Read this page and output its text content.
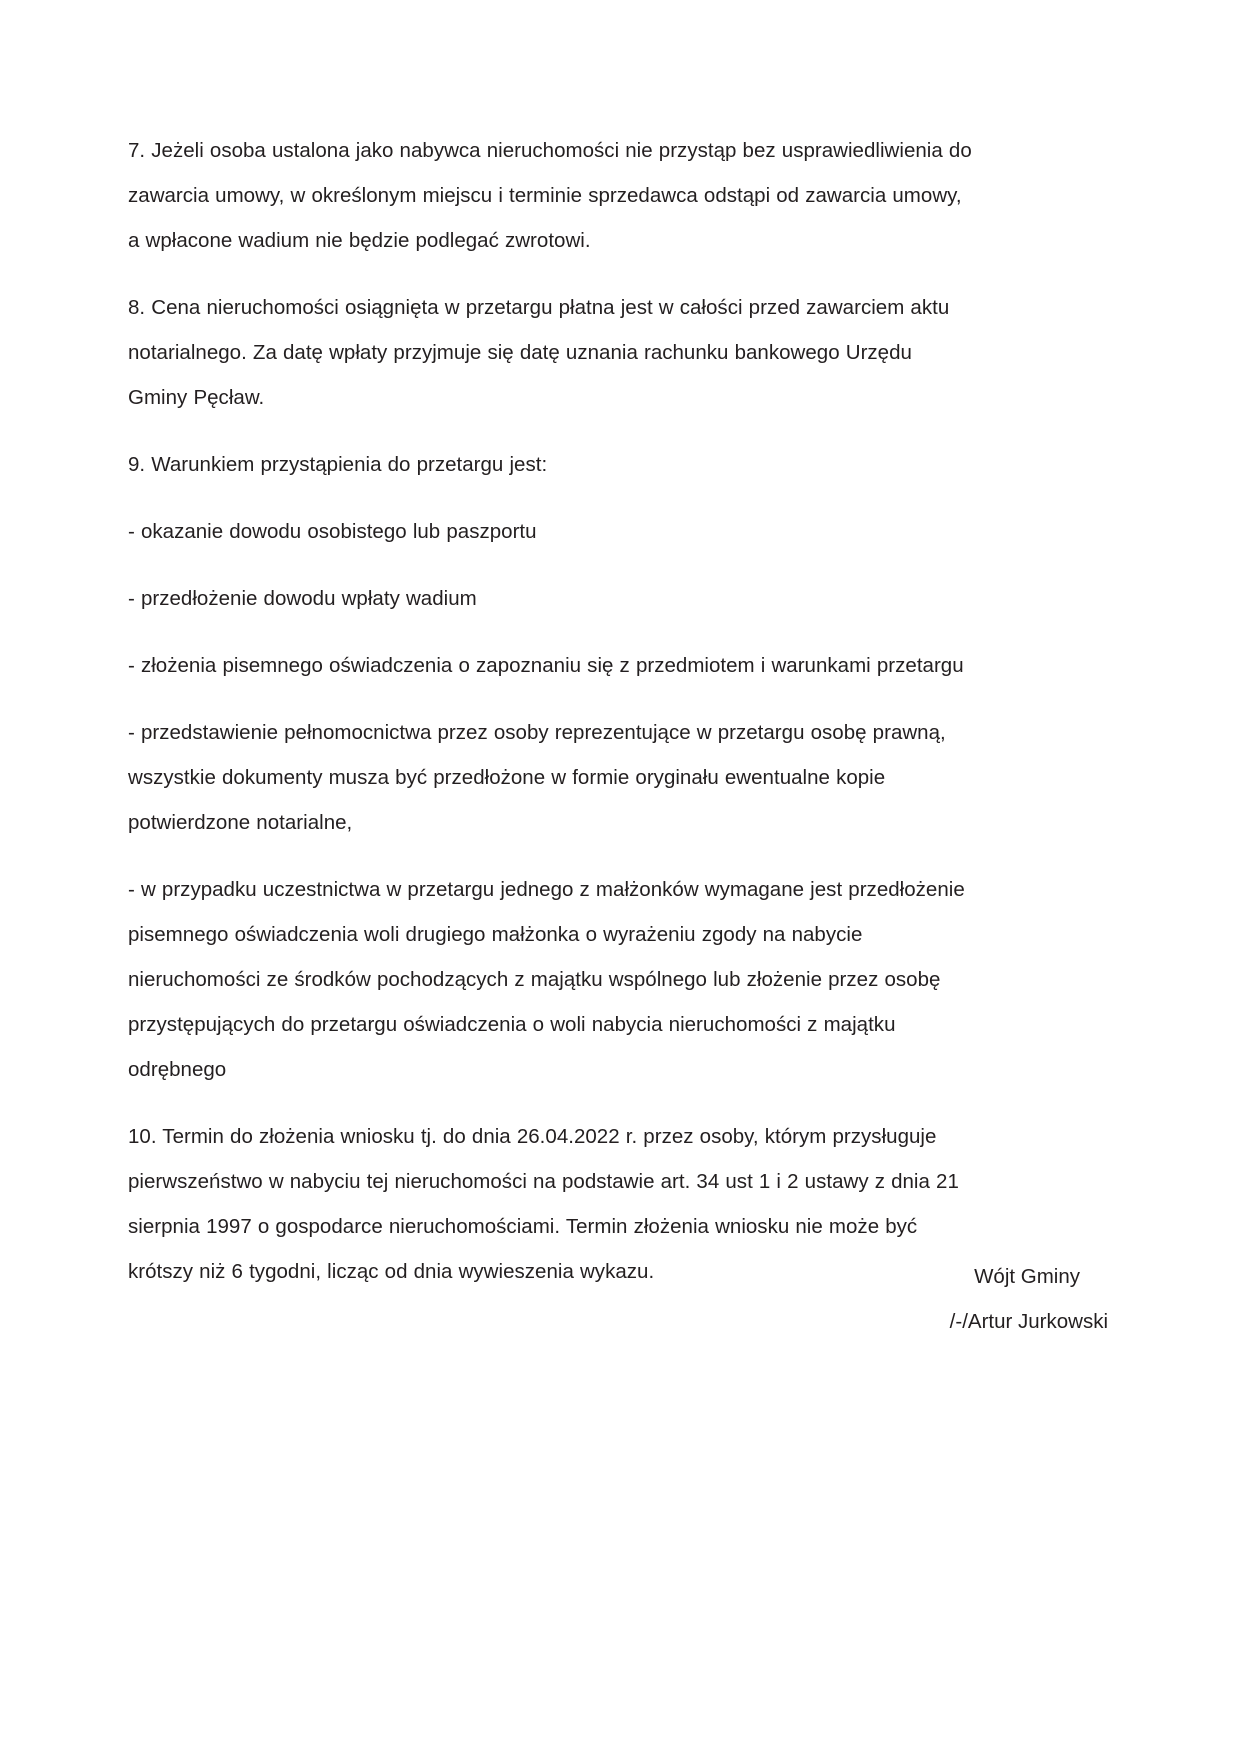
7. Jeżeli osoba ustalona jako nabywca nieruchomości nie przystąp bez usprawiedliwienia do zawarcia umowy, w określonym miejscu i terminie sprzedawca odstąpi od zawarcia umowy, a wpłacone wadium nie będzie podlegać zwrotowi.

8. Cena nieruchomości osiągnięta w przetargu płatna jest w całości przed zawarciem aktu notarialnego. Za datę wpłaty przyjmuje się datę uznania rachunku bankowego Urzędu Gminy Pęcław.

9. Warunkiem przystąpienia do przetargu jest:

- okazanie dowodu osobistego lub paszportu

- przedłożenie dowodu wpłaty wadium

- złożenia pisemnego oświadczenia o zapoznaniu się z przedmiotem i warunkami przetargu

- przedstawienie pełnomocnictwa przez osoby reprezentujące w przetargu osobę prawną, wszystkie dokumenty musza być przedłożone w formie oryginału ewentualne kopie potwierdzone notarialne,

- w przypadku uczestnictwa w przetargu jednego z małżonków wymagane jest przedłożenie pisemnego oświadczenia woli drugiego małżonka o wyrażeniu zgody na nabycie nieruchomości ze środków pochodzących z majątku wspólnego lub złożenie przez osobę przystępujących do przetargu oświadczenia o woli nabycia nieruchomości z majątku odrębnego

10. Termin do złożenia wniosku tj. do dnia 26.04.2022 r. przez osoby, którym przysługuje pierwszeństwo w nabyciu tej nieruchomości na podstawie art. 34 ust 1 i 2 ustawy z dnia 21 sierpnia 1997 o gospodarce nieruchomościami. Termin złożenia wniosku nie może być krótszy niż 6 tygodni, licząc od dnia wywieszenia wykazu.	Wójt Gminy
/-/Artur Jurkowski
